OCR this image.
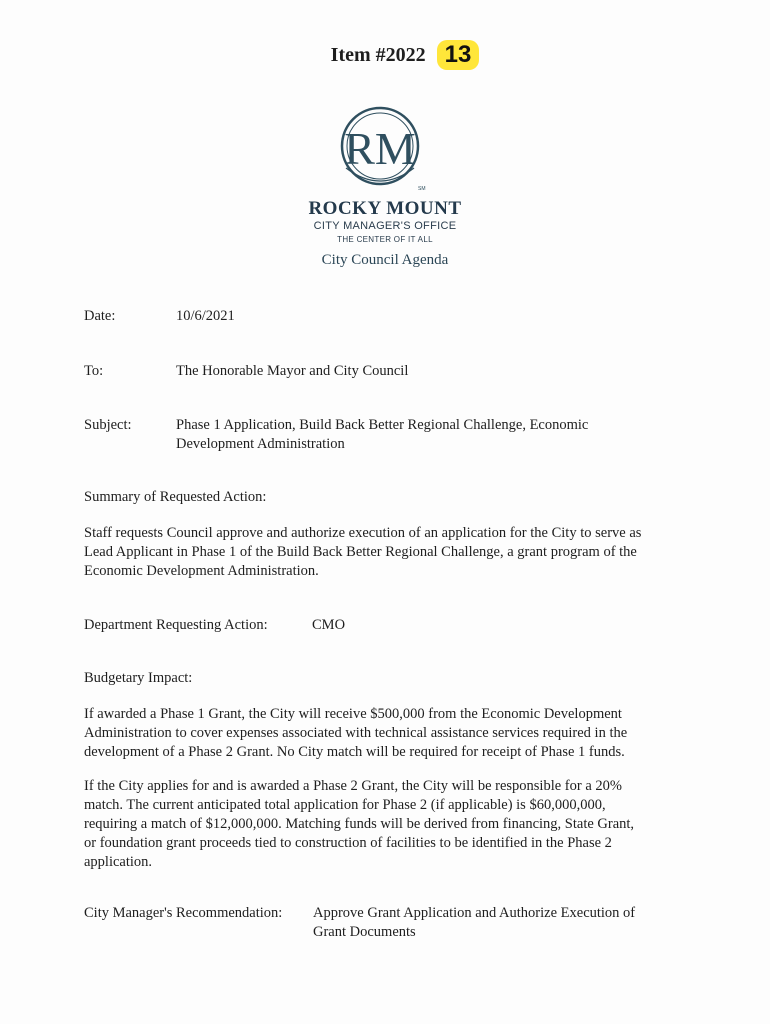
Item #2022 13
RM
SM
ROCKY MOUNT
CITY MANAGER'S OFFICE
THE CENTER OF IT ALL
City Council Agenda
Date:	10/6/2021
To:	The Honorable Mayor and City Council
Subject:	Phase 1 Application, Build Back Better Regional Challenge, Economic
Development Administration
Summary of Requested Action:
Staff requests Council approve and authorize execution of an application for the City to serve as
Lead Applicant in Phase 1 of the Build Back Better Regional Challenge, a grant program of the
Economic Development Administration.
Department Requesting Action:	CMO
Budgetary Impact:
If awarded a Phase 1 Grant, the City will receive $500,000 from the Economic Development
Administration to cover expenses associated with technical assistance services required in the
development of a Phase 2 Grant. No City match will be required for receipt of Phase 1 funds.
If the City applies for and is awarded a Phase 2 Grant, the City will be responsible for a 20%
match. The current anticipated total application for Phase 2 (if applicable) is $60,000,000,
requiring a match of $12,000,000. Matching funds will be derived from financing, State Grant,
or foundation grant proceeds tied to construction of facilities to be identified in the Phase 2
application.
City Manager's Recommendation: Approve Grant Application and Authorize Execution of
Grant Documents
